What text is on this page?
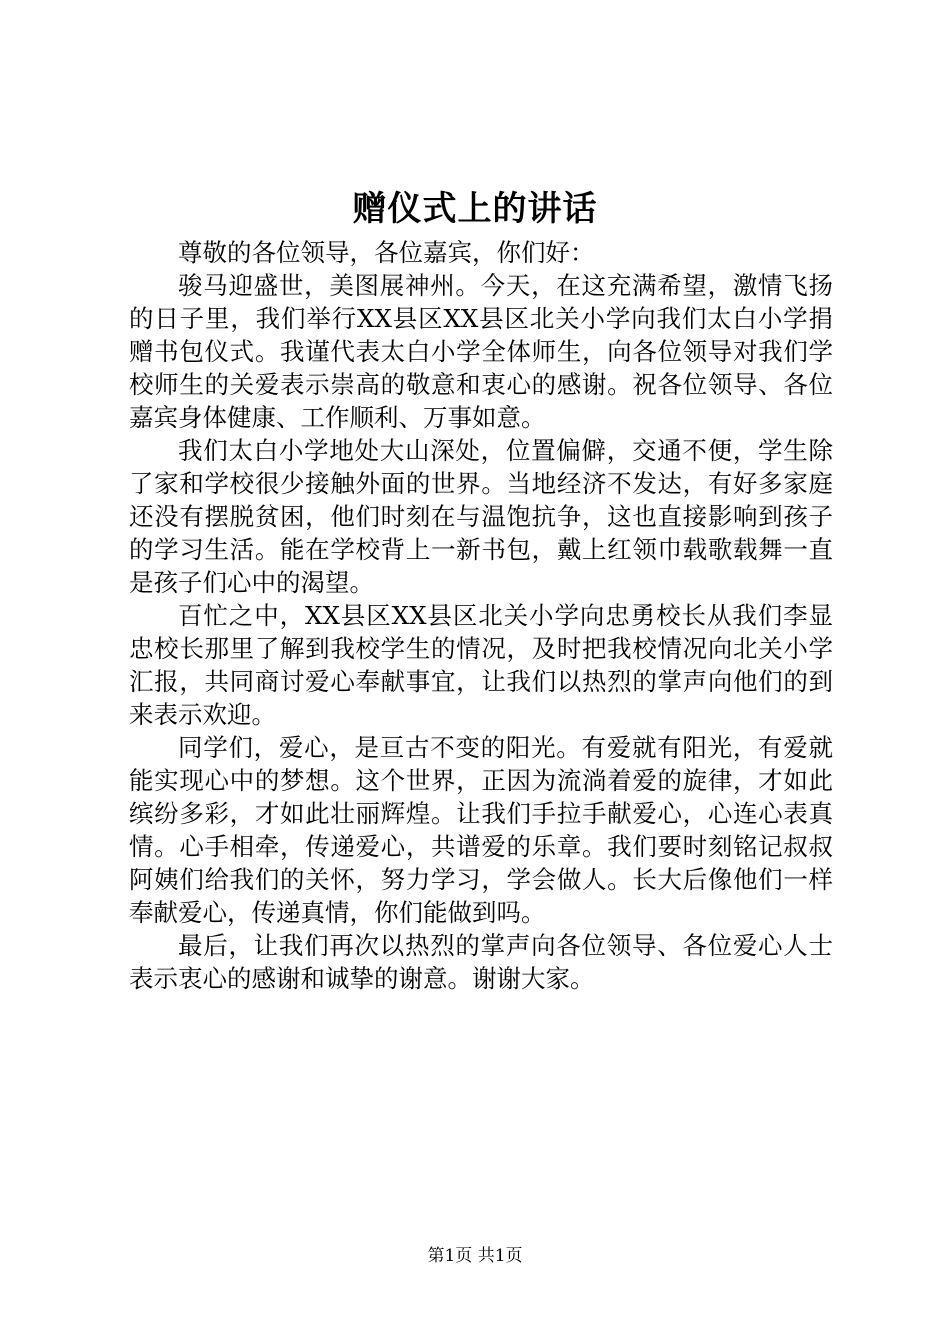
赠仪式上的讲话

尊敬的各位领导，各位嘉宾，你们好：

骏马迎盛世，美图展神州。今天，在这充满希望，激情飞扬的日子里，我们举行XX县区XX县区北关小学向我们太白小学捐赠书包仪式。我谨代表太白小学全体师生，向各位领导对我们学校师生的关爱表示崇高的敬意和衷心的感谢。祝各位领导、各位嘉宾身体健康、工作顺利、万事如意。

我们太白小学地处大山深处，位置偏僻，交通不便，学生除了家和学校很少接触外面的世界。当地经济不发达，有好多家庭还没有摆脱贫困，他们时刻在与温饱抗争，这也直接影响到孩子的学习生活。能在学校背上一新书包，戴上红领巾载歌载舞一直是孩子们心中的渴望。

百忙之中，XX县区XX县区北关小学向忠勇校长从我们李显忠校长那里了解到我校学生的情况，及时把我校情况向北关小学汇报，共同商讨爱心奉献事宜，让我们以热烈的掌声向他们的到来表示欢迎。

同学们，爱心，是亘古不变的阳光。有爱就有阳光，有爱就能实现心中的梦想。这个世界，正因为流淌着爱的旋律，才如此缤纷多彩，才如此壮丽辉煌。让我们手拉手献爱心，心连心表真情。心手相牵，传递爱心，共谱爱的乐章。我们要时刻铭记叔叔阿姨们给我们的关怀，努力学习，学会做人。长大后像他们一样奉献爱心，传递真情，你们能做到吗。

最后，让我们再次以热烈的掌声向各位领导、各位爱心人士表示衷心的感谢和诚挚的谢意。谢谢大家。

第1页 共1页
